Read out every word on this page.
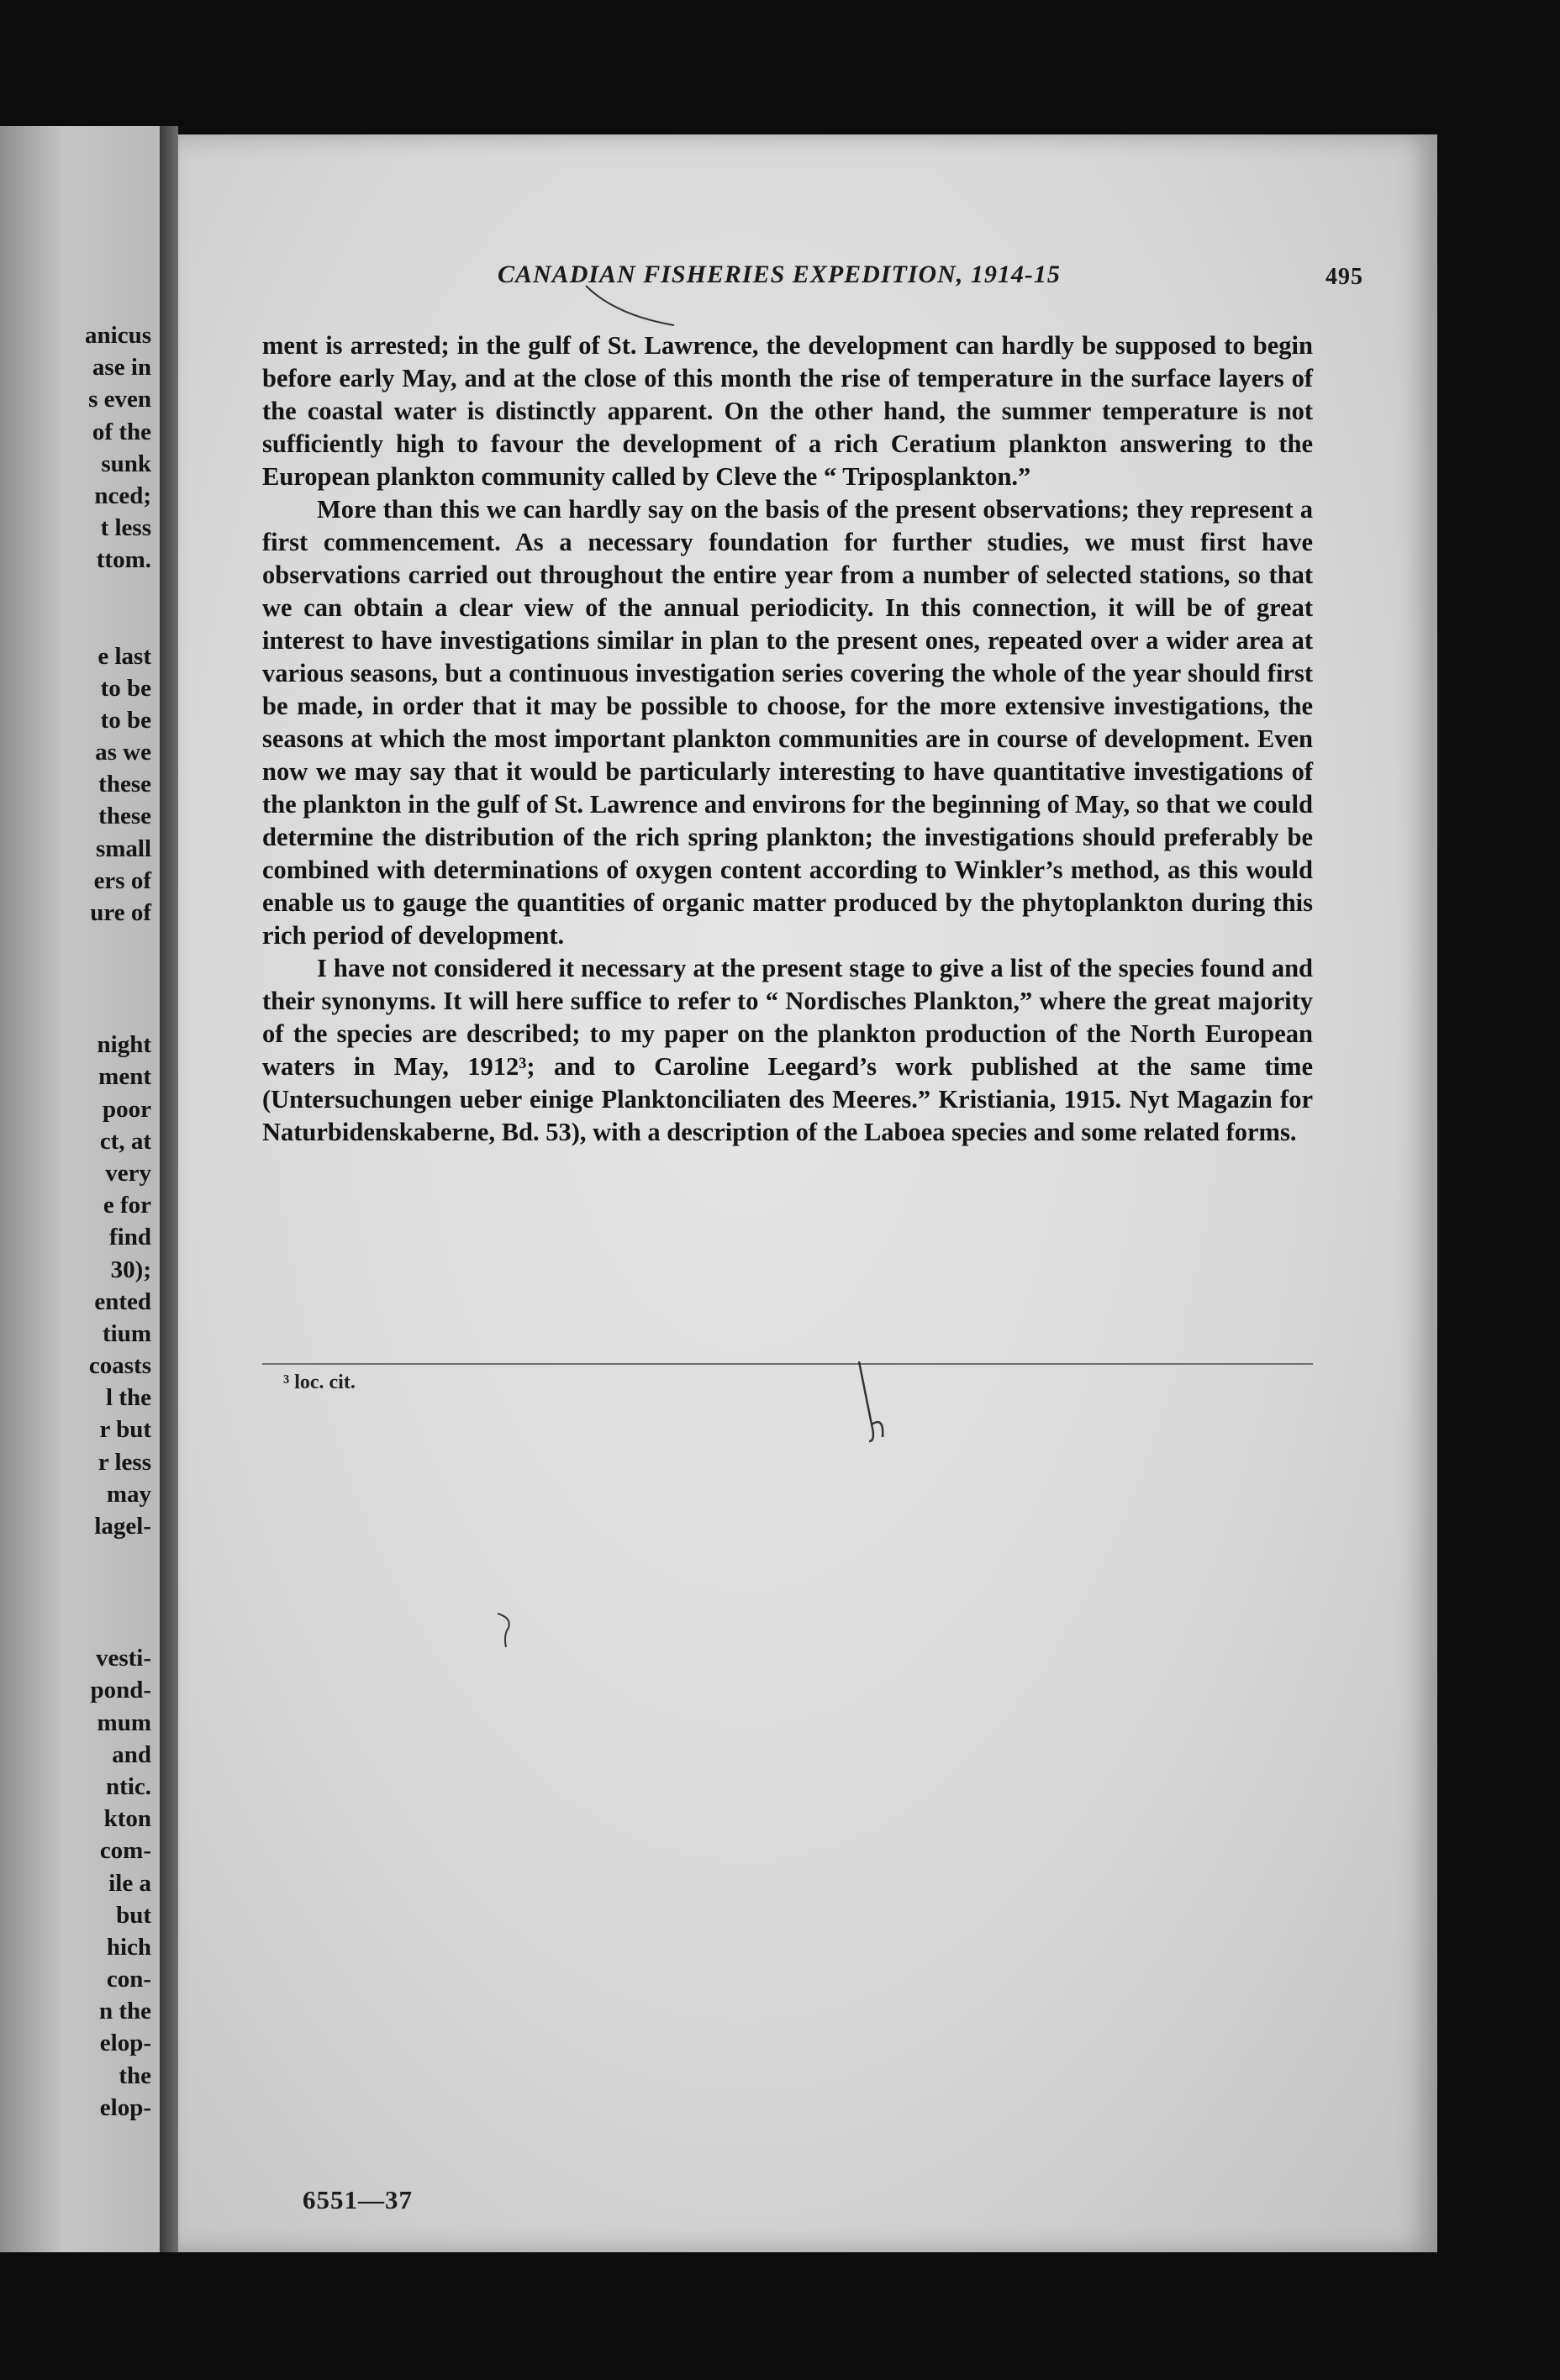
anicus
ase in
s even
of the
sunk
nced;
t less
ttom.
e last
to be
to be
as we
these
these
small
ers of
ure of
night
ment
poor
ct, at
very
e for
find
30);
ented
tium
coasts
l the
r but
r less
may
lagel-
vesti-
pond-
mum
and
ntic.
kton
com-
ile a
but
hich
con-
n the
elop-
the
elop-
CANADIAN FISHERIES EXPEDITION, 1914-15	495

ment is arrested; in the gulf of St. Lawrence, the development can hardly be supposed to begin before early May, and at the close of this month the rise of temperature in the surface layers of the coastal water is distinctly apparent. On the other hand, the summer temperature is not sufficiently high to favour the development of a rich Ceratium plankton answering to the European plankton community called by Cleve the “ Triposplankton.”

More than this we can hardly say on the basis of the present observations; they represent a first commencement. As a necessary foundation for further studies, we must first have observations carried out throughout the entire year from a number of selected stations, so that we can obtain a clear view of the annual periodicity. In this connection, it will be of great interest to have investigations similar in plan to the present ones, repeated over a wider area at various seasons, but a continuous investigation series covering the whole of the year should first be made, in order that it may be possible to choose, for the more extensive investigations, the seasons at which the most important plankton communities are in course of development. Even now we may say that it would be particularly interesting to have quantitative investigations of the plankton in the gulf of St. Lawrence and environs for the beginning of May, so that we could determine the distribution of the rich spring plankton; the investigations should preferably be combined with determinations of oxygen content according to Winkler’s method, as this would enable us to gauge the quantities of organic matter produced by the phytoplankton during this rich period of development.

I have not considered it necessary at the present stage to give a list of the species found and their synonyms. It will here suffice to refer to “ Nordisches Plankton,” where the great majority of the species are described; to my paper on the plankton production of the North European waters in May, 1912³; and to Caroline Leegard’s work published at the same time (Untersuchungen ueber einige Planktonciliaten des Meeres.” Kristiania, 1915. Nyt Magazin for Naturbidenskaberne, Bd. 53), with a description of the Laboea species and some related forms.

³ loc. cit.
6551—37
